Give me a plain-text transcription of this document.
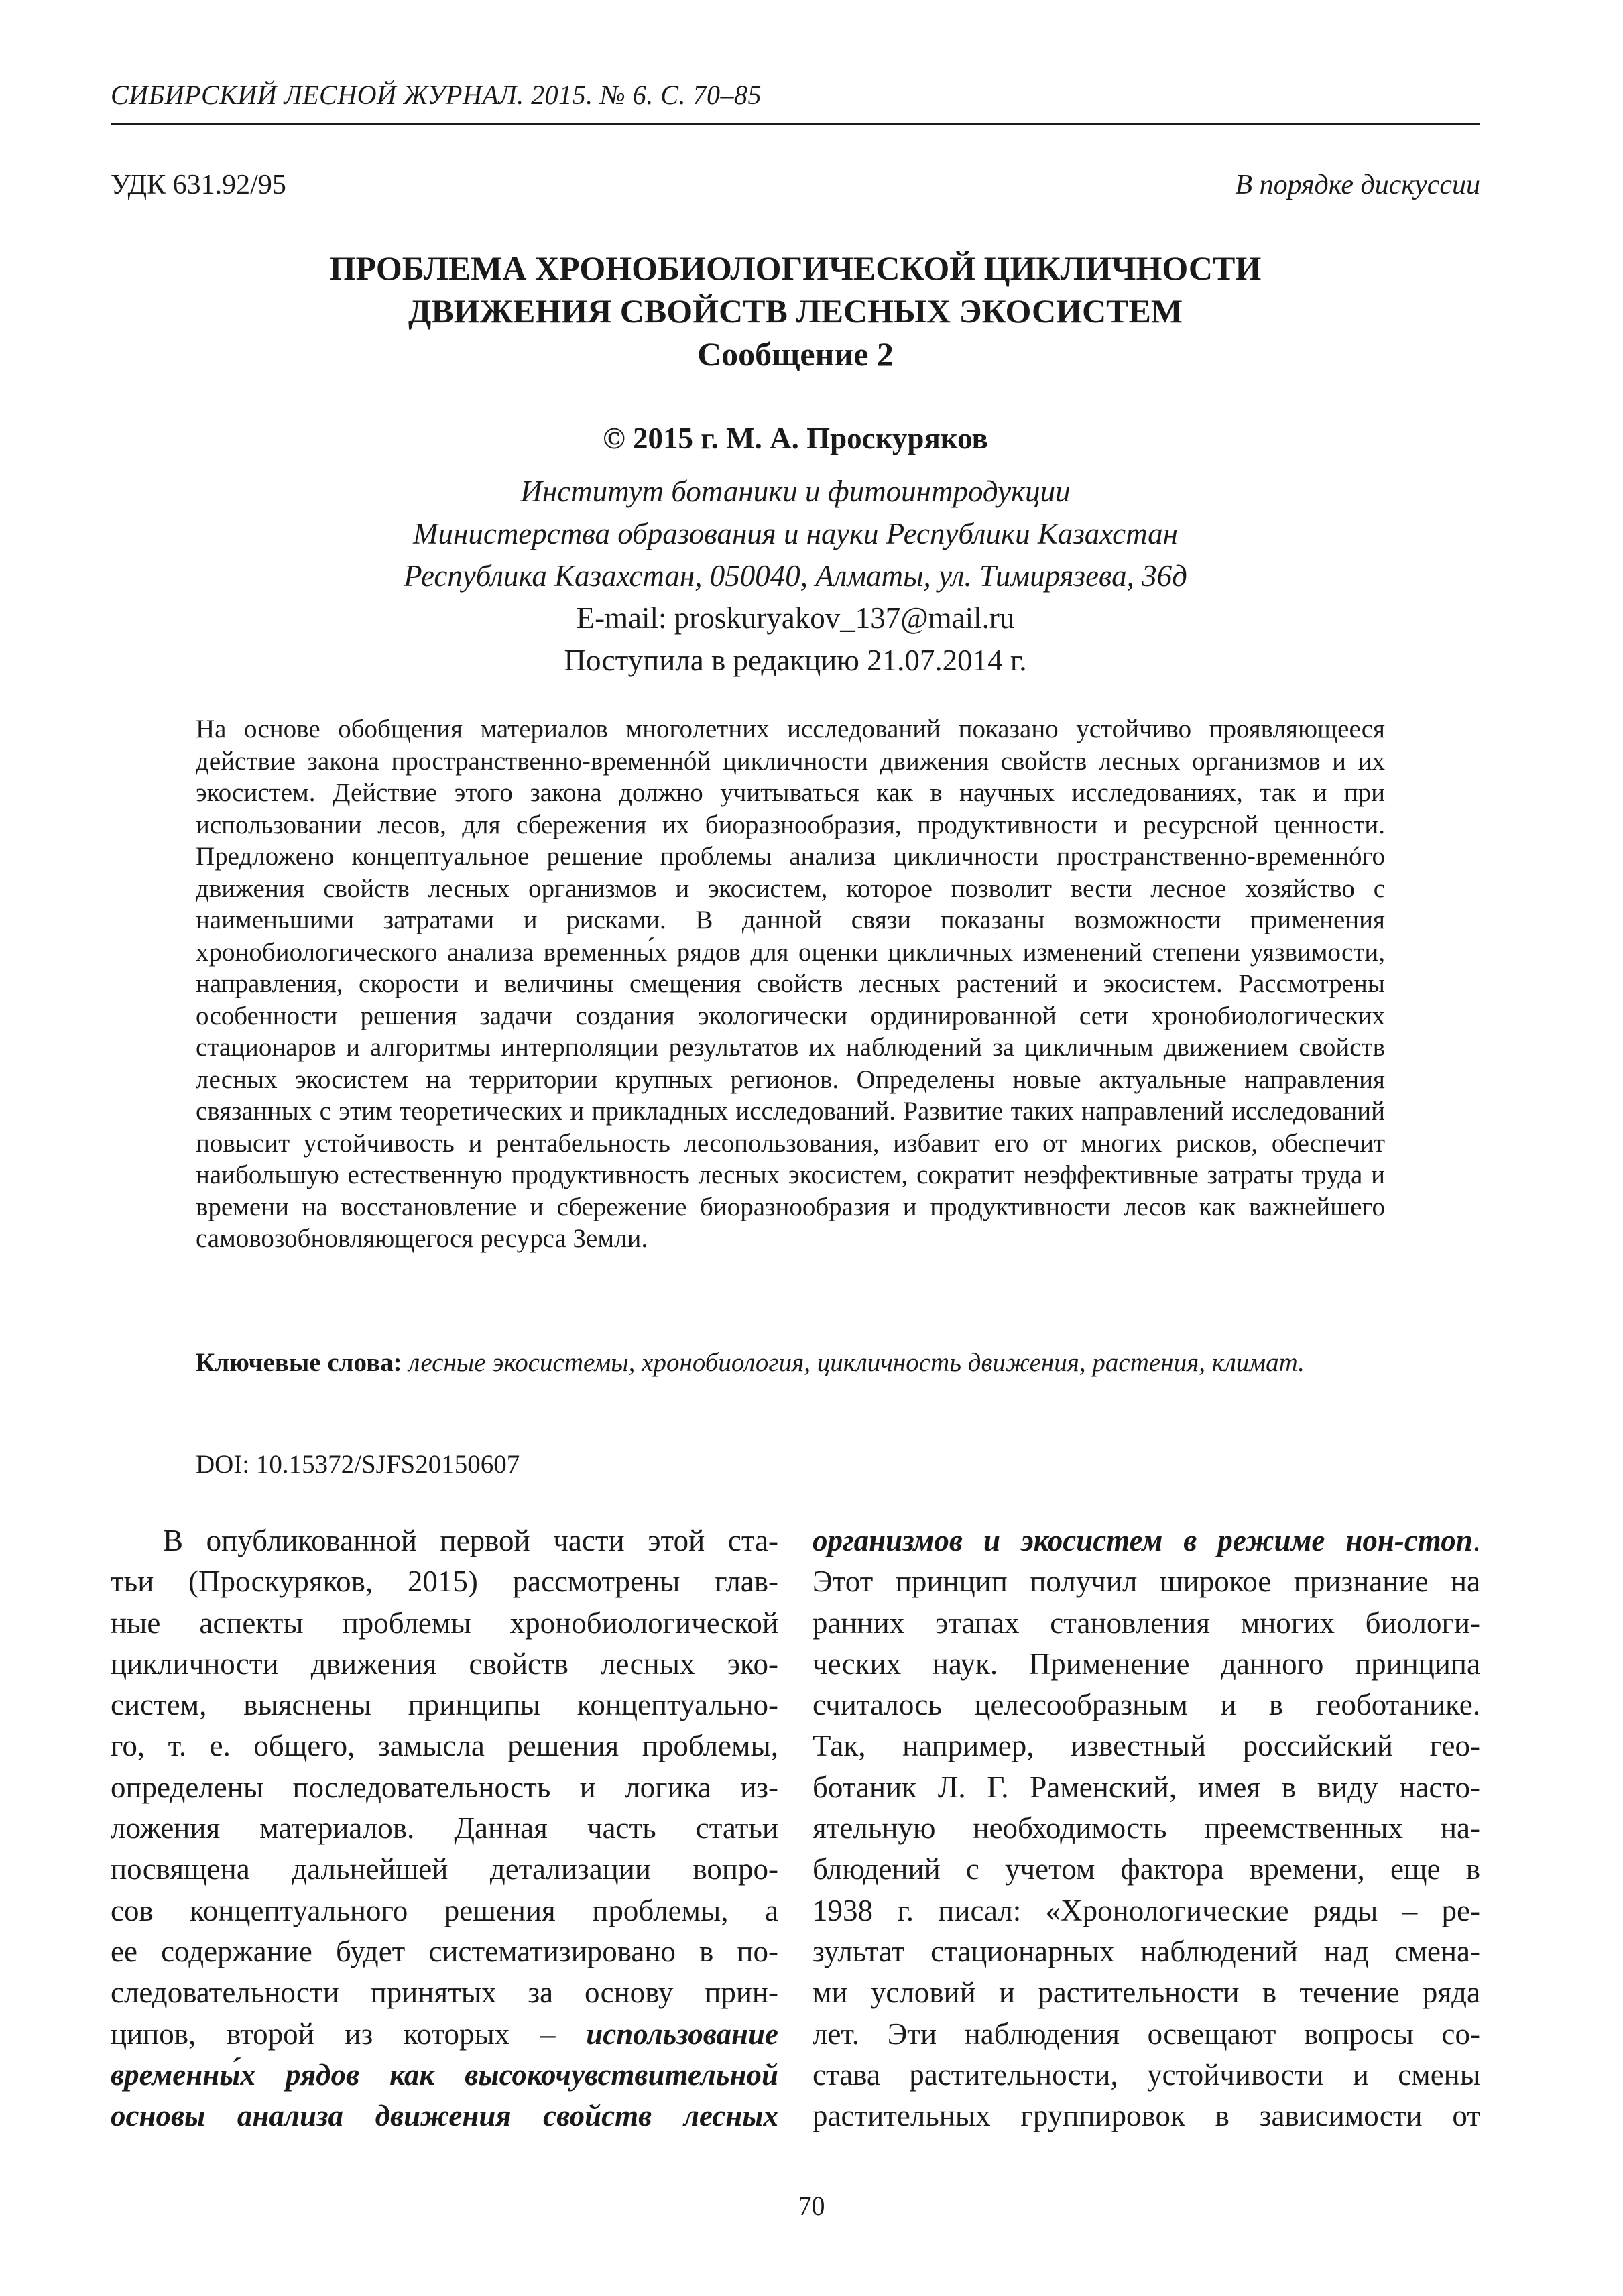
СИБИРСКИЙ ЛЕСНОЙ ЖУРНАЛ. 2015. № 6. С. 70–85
УДК 631.92/95	В порядке дискуссии
ПРОБЛЕМА ХРОНОБИОЛОГИЧЕСКОЙ ЦИКЛИЧНОСТИ
ДВИЖЕНИЯ СВОЙСТВ ЛЕСНЫХ ЭКОСИСТЕМ
Сообщение 2
© 2015 г. М. А. Проскуряков
Институт ботаники и фитоинтродукции
Министерства образования и науки Республики Казахстан
Республика Казахстан, 050040, Алматы, ул. Тимирязева, 36д
E-mail: proskuryakov_137@mail.ru
Поступила в редакцию 21.07.2014 г.
На основе обобщения материалов многолетних исследований показано устойчиво проявляющееся действие закона пространственно-временнóй цикличности движения свойств лесных организмов и их экосистем. Действие этого закона должно учитываться как в научных исследованиях, так и при использовании лесов, для сбережения их биоразнообразия, продуктивности и ресурсной ценности. Предложено концептуальное решение проблемы анализа цикличности пространственно-временнóго движения свойств лесных организмов и экосистем, которое позволит вести лесное хозяйство с наименьшими затратами и рисками. В данной связи показаны возможности применения хронобиологического анализа временны́х рядов для оценки цикличных изменений степени уязвимости, направления, скорости и величины смещения свойств лесных растений и экосистем. Рассмотрены особенности решения задачи создания экологически ординированной сети хронобиологических стационаров и алгоритмы интерполяции результатов их наблюдений за цикличным движением свойств лесных экосистем на территории крупных регионов. Определены новые актуальные направления связанных с этим теоретических и прикладных исследований. Развитие таких направлений исследований повысит устойчивость и рентабельность лесопользования, избавит его от многих рисков, обеспечит наибольшую естественную продуктивность лесных экосистем, сократит неэффективные затраты труда и времени на восстановление и сбережение биоразнообразия и продуктивности лесов как важнейшего самовозобновляющегося ресурса Земли.
Ключевые слова: лесные экосистемы, хронобиология, цикличность движения, растения, климат.
DOI: 10.15372/SJFS20150607
В опубликованной первой части этой ста-
тьи (Проскуряков, 2015) рассмотрены глав-
ные аспекты проблемы хронобиологической
цикличности движения свойств лесных эко-
систем, выяснены принципы концептуально-
го, т. е. общего, замысла решения проблемы,
определены последовательность и логика из-
ложения материалов. Данная часть статьи
посвящена дальнейшей детализации вопро-
сов концептуального решения проблемы, а
ее содержание будет систематизировано в по-
следовательности принятых за основу прин-
ципов, второй из которых – использование
временны́х рядов как высокочувствительной
основы анализа движения свойств лесных
организмов и экосистем в режиме нон-стоп.
Этот принцип получил широкое признание на
ранних этапах становления многих биологи-
ческих наук. Применение данного принципа
считалось целесообразным и в геоботанике.
Так, например, известный российский гео-
ботаник Л. Г. Раменский, имея в виду насто-
ятельную необходимость преемственных на-
блюдений с учетом фактора времени, еще в
1938 г. писал: «Хронологические ряды – ре-
зультат стационарных наблюдений над смена-
ми условий и растительности в течение ряда
лет. Эти наблюдения освещают вопросы со-
става растительности, устойчивости и смены
растительных группировок в зависимости от
70
